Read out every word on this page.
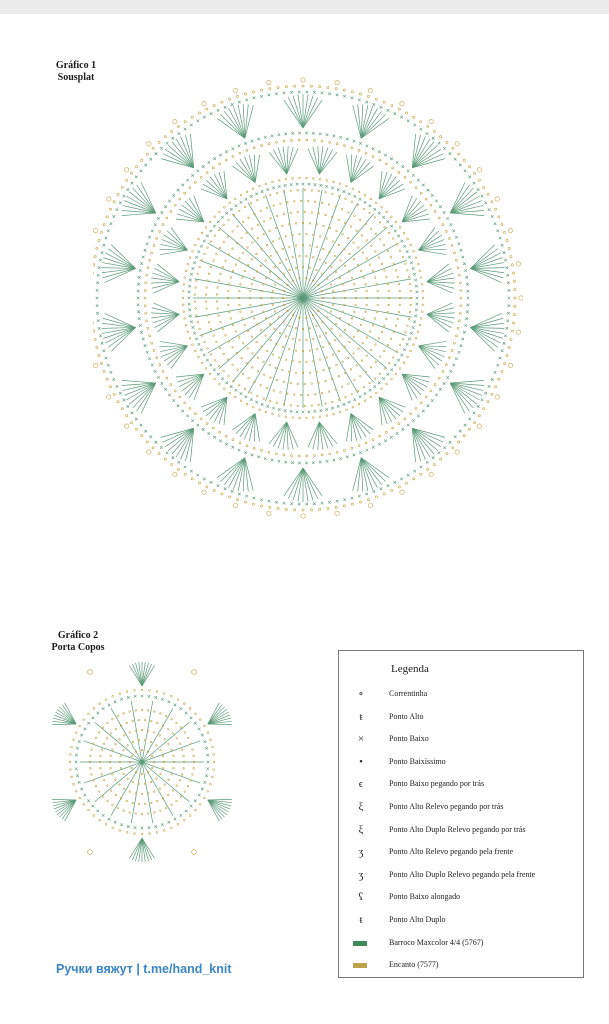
Gráfico 1
Sousplat
Gráfico 2
Porta Copos
Legenda
∘	Correntinha
ŧ	Ponto Alto
×	Ponto Baixo
•	Ponto Baixíssimo
ϵ	Ponto Baixo pegando por trás
ξ	Ponto Alto Relevo pegando por trás
ξ	Ponto Alto Duplo Relevo pegando por trás
ʒ	Ponto Alto Relevo pegando pela frente
ʒ	Ponto Alto Duplo Relevo pegando pela frente
ʕ	Ponto Baixo alongado
ŧ	Ponto Alto Duplo
Barroco Maxcolor 4/4 (5767)
Encanto (7577)
Ручки вяжут | t.me/hand_knit
